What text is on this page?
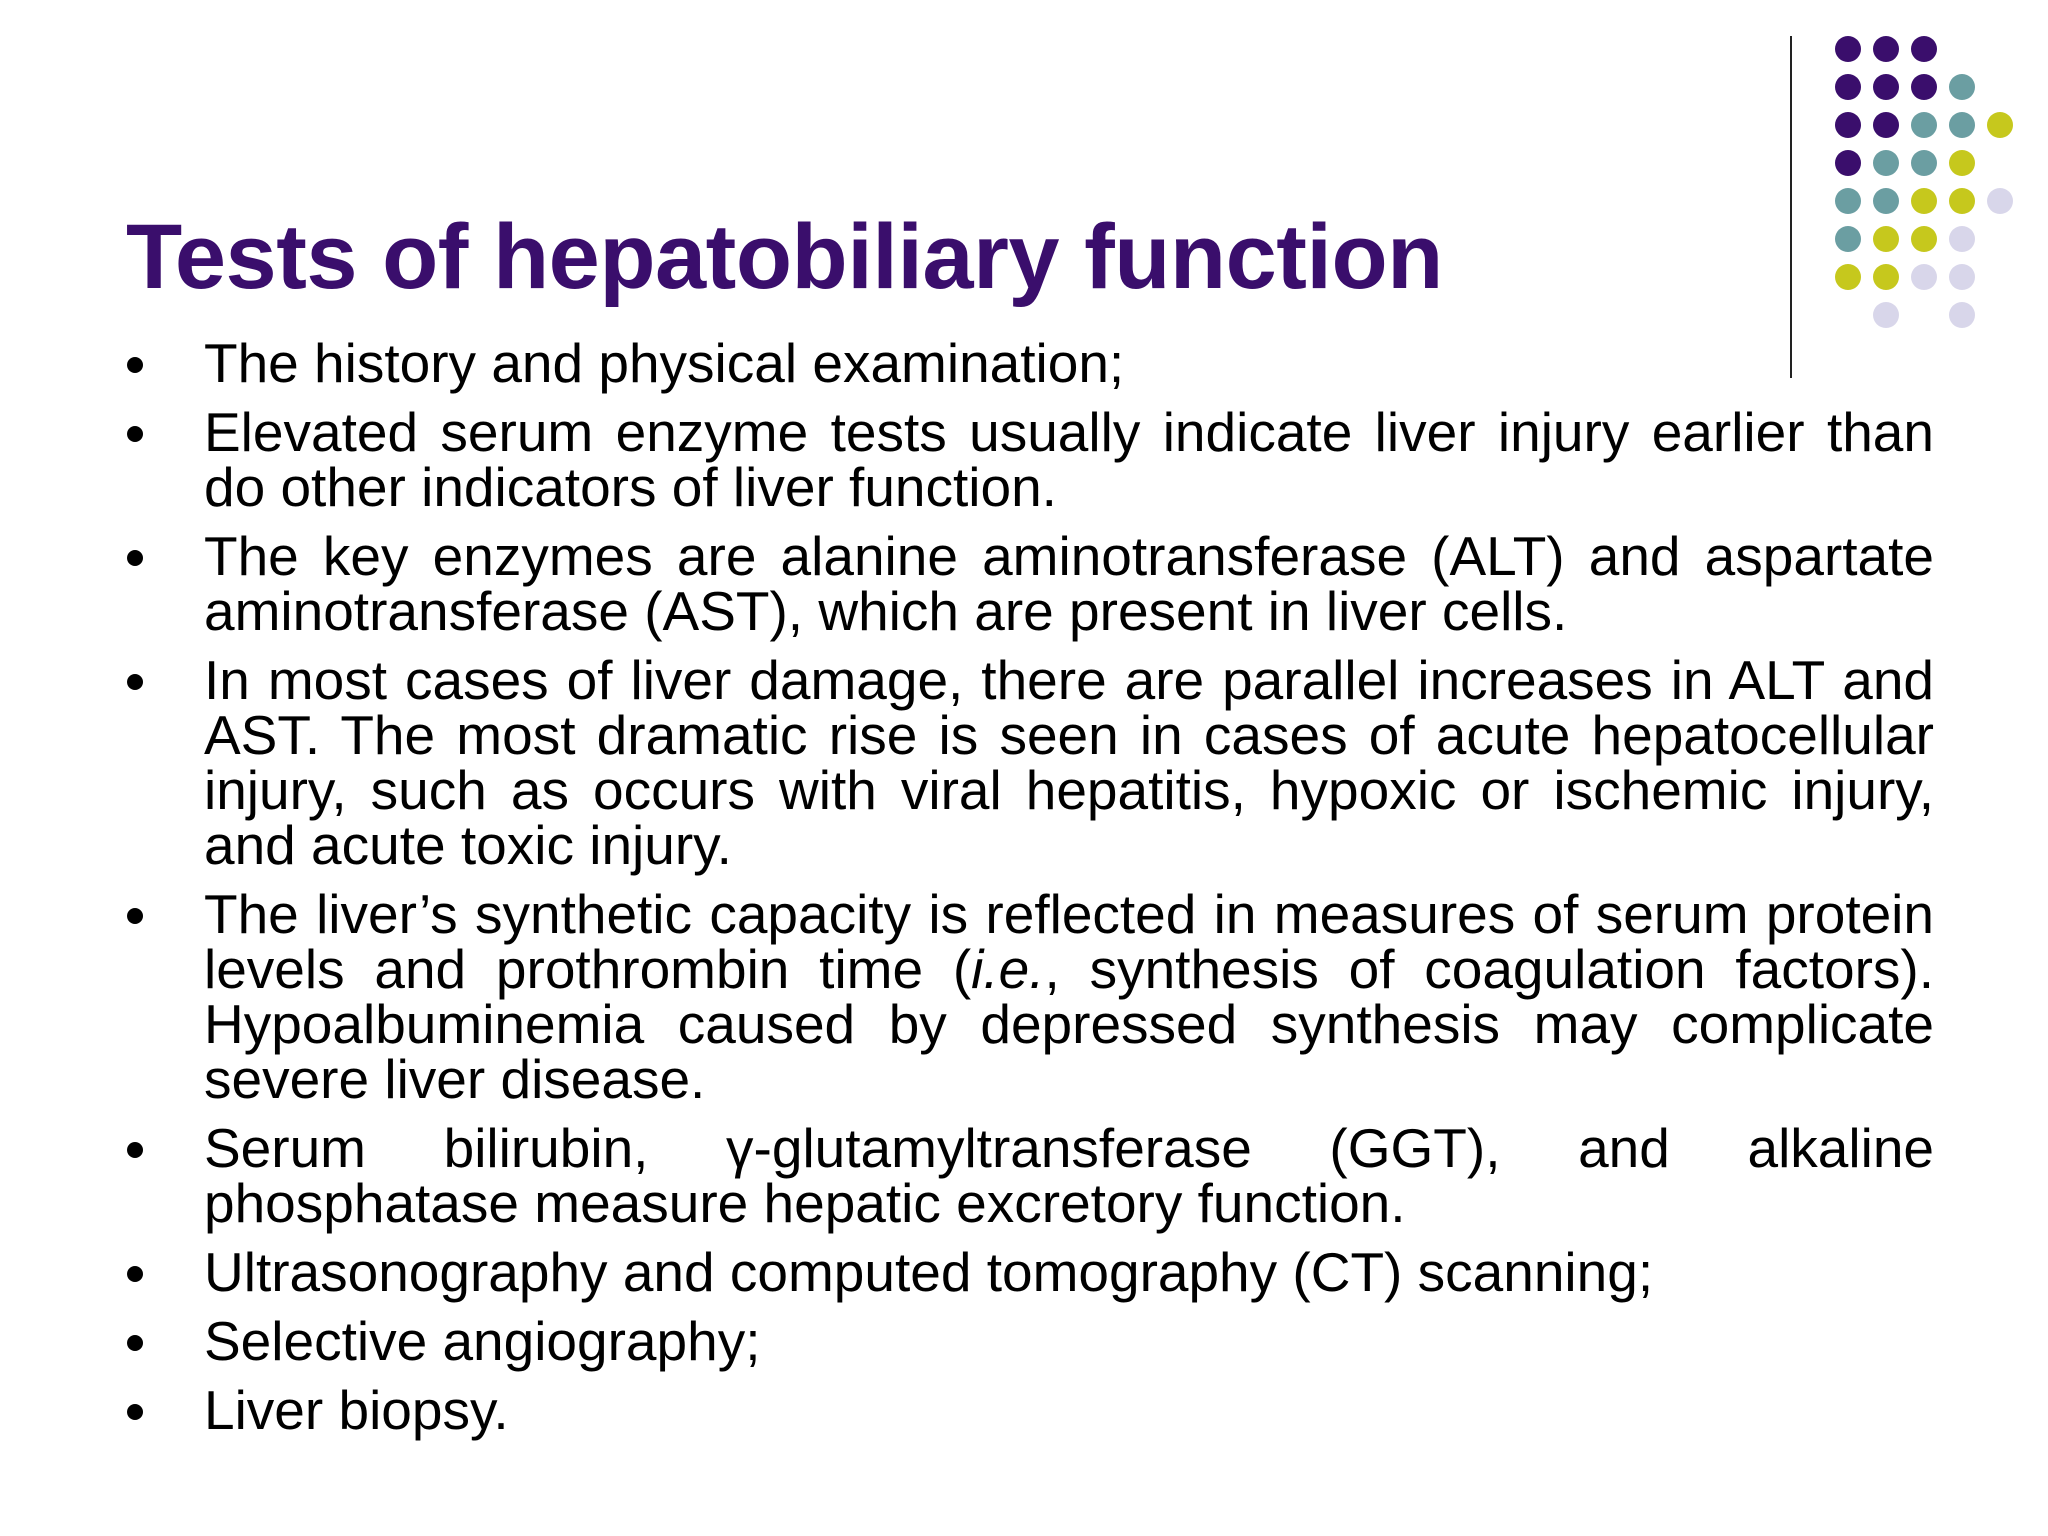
Tests of hepatobiliary function
The history and physical examination;
Elevated serum enzyme tests usually indicate liver injury earlier than do other indicators of liver function.
The key enzymes are alanine aminotransferase (ALT) and aspartate aminotransferase (AST), which are present in liver cells.
In most cases of liver damage, there are parallel increases in ALT and AST. The most dramatic rise is seen in cases of acute hepatocellular injury, such as occurs with viral hepatitis, hypoxic or ischemic injury, and acute toxic injury.
The liver’s synthetic capacity is reflected in measures of serum protein levels and prothrombin time (i.e., synthesis of coagulation factors). Hypoalbuminemia caused by depressed synthesis may complicate severe liver disease.
Serum bilirubin, γ-glutamyltransferase (GGT), and alkaline phosphatase measure hepatic excretory function.
Ultrasonography and computed tomography (CT) scanning;
Selective angiography;
Liver biopsy.
